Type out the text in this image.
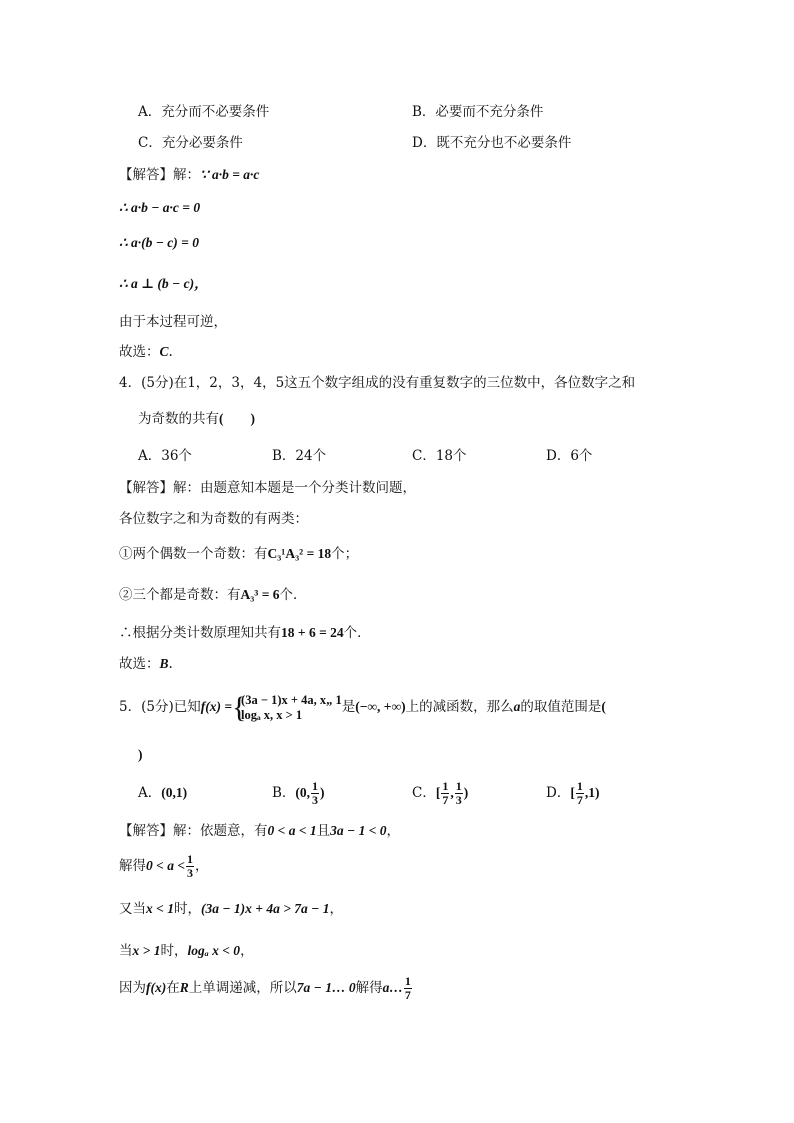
A．充分而不必要条件	B．必要而不充分条件
C．充分必要条件	D．既不充分也不必要条件
【解答】解：∵ a·b = a·c
∴ a·b − a·c = 0
∴ a·(b − c) = 0
∴ a ⊥ (b − c)，
由于本过程可逆，
故选：C.
4．(5分)在1，2，3，4，5这五个数字组成的没有重复数字的三位数中，各位数字之和
为奇数的共有(　　)
A．36个	B．24个	C．18个	D．6个
【解答】解：由题意知本题是一个分类计数问题，
各位数字之和为奇数的有两类：
①两个偶数一个奇数：有C₃¹A₃² = 18个；
②三个都是奇数：有A₃³ = 6个．
∴根据分类计数原理知共有18 + 6 = 24个．
故选：B.
5．(5分)已知f(x) = {
(3a − 1)x + 4a, x„ 1
logₐ x, x > 1	是(−∞, +∞)上的减函数，那么a的取值范围是(
)
A．(0,1)	B．(0, $\frac{1}{3}$ )	C．[ $\frac{1}{7}$ , $\frac{1}{3}$ )	D．[ $\frac{1}{7} ,1$)
【解答】解：依题意，有0 < a < 1且3a − 1 < 0，
解得$0 < a < \frac{1}{3}$ ，
又当x < 1时，(3a − 1)x + 4a > 7a − 1，
当x > 1时，logₐ x < 0，
因为f(x)在R上单调递减，所以7a − 1… 0解得a… $\frac{1}{7}$
